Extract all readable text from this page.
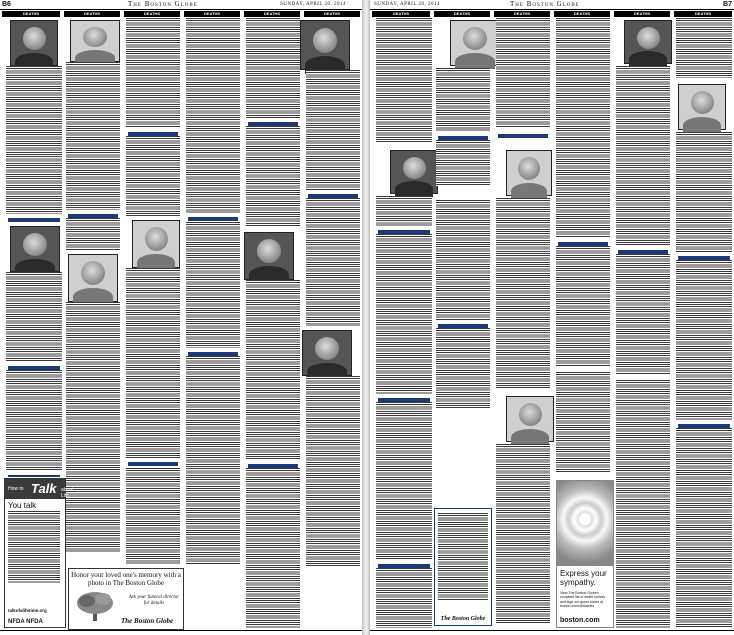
B6	The Boston Globe	SUNDAY, APRIL 20, 2014
DEATHS	DEATHS	DEATHS	DEATHS	DEATHS	DEATHS
How to Talk about Life
You talk
talkofalifetime.org
NFDA NFDA
Honor your loved one's memory with a photo in The Boston Globe
Ask your funeral director for details
The Boston Globe
SUNDAY, APRIL 20, 2014	The Boston Globe	B7
DEATHS	DEATHS	DEATHS	DEATHS	DEATHS	DEATHS
The Boston Globe
Express your sympathy.
View The Boston Globe's complete list of death notices and sign our guest books at boston.com/obituaries
boston.com
